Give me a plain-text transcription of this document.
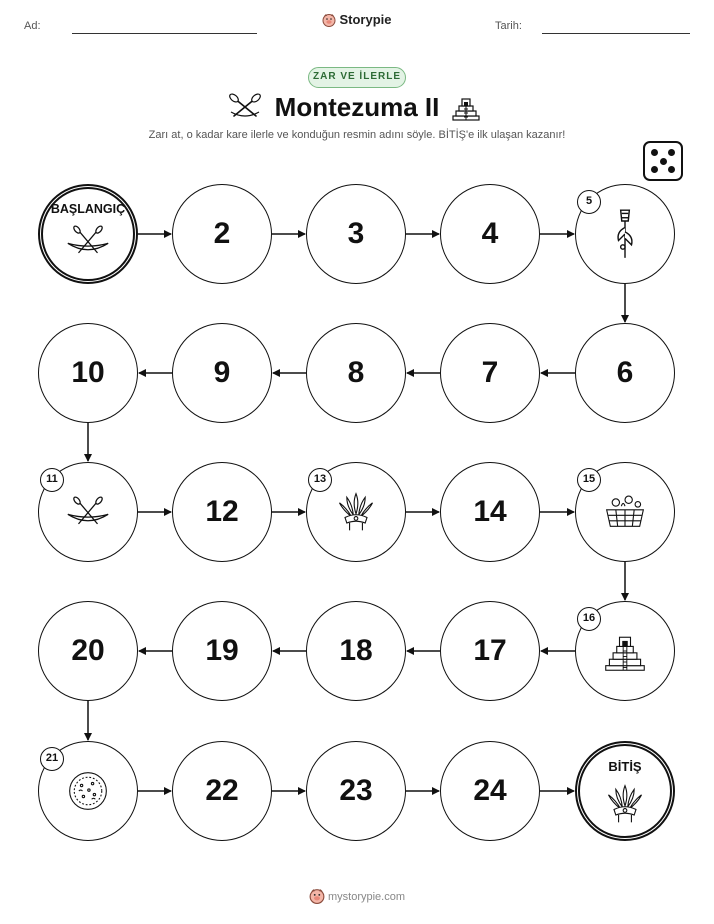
Ad:	Storypie	Tarih:
ZAR VE İLERLE
Montezuma II
Zarı at, o kadar kare ilerle ve konduğun resmin adını söyle. BİTİŞ'e ilk ulaşan kazanır!
BAŞLANGIÇ
2	3	4
5
6
7
8
9
10
11
12
13
14
15
16
17
18
19
20
21
22	23	24
BİTİŞ
mystorypie.com
